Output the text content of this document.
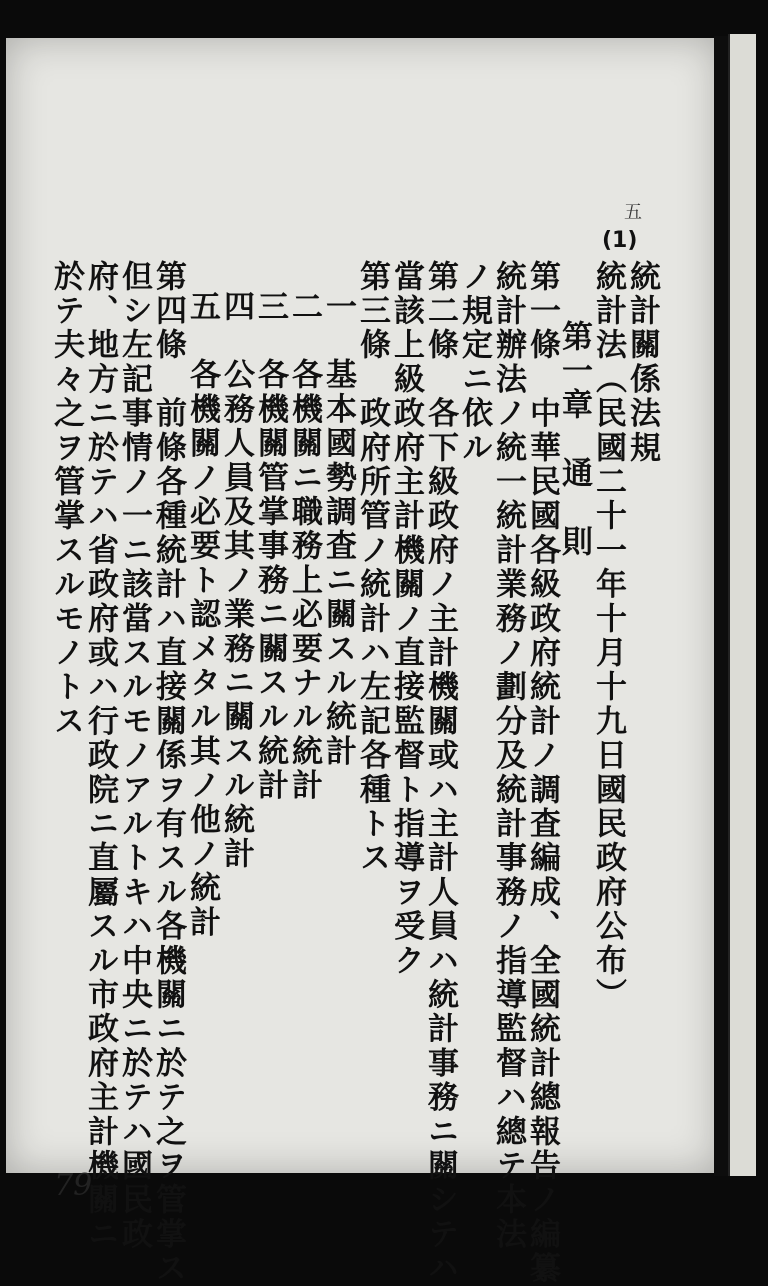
五
(1)
統計關係法規
統計法（民國二十一年十月十九日國民政府公布）
第一章　通　則
第一條　中華民國各級政府統計ノ調査編成、全國統計總報告ノ編纂
統計辦法ノ統一統計業務ノ劃分及統計事務ノ指導監督ハ總テ本法
ノ規定ニ依ル
第二條　各下級政府ノ主計機關或ハ主計人員ハ統計事務ニ關シテハ
當該上級政府主計機關ノ直接監督ト指導ヲ受ク
第三條　政府所管ノ統計ハ左記各種トス
一　基本國勢調査ニ關スル統計
二　各機關ニ職務上必要ナル統計
三　各機關管掌事務ニ關スル統計
四　公務人員及其ノ業務ニ關スル統計
五　各機關ノ必要ト認メタル其ノ他ノ統計
第四條　前條各種統計ハ直接關係ヲ有スル各機關ニ於テ之ヲ管掌ス
但シ左記事情ノ一ニ該當スルモノアルトキハ中央ニ於テハ國民政
府、地方ニ於テハ省政府或ハ行政院ニ直屬スル市政府主計機關ニ
於テ夫々之ヲ管掌スルモノトス
79
